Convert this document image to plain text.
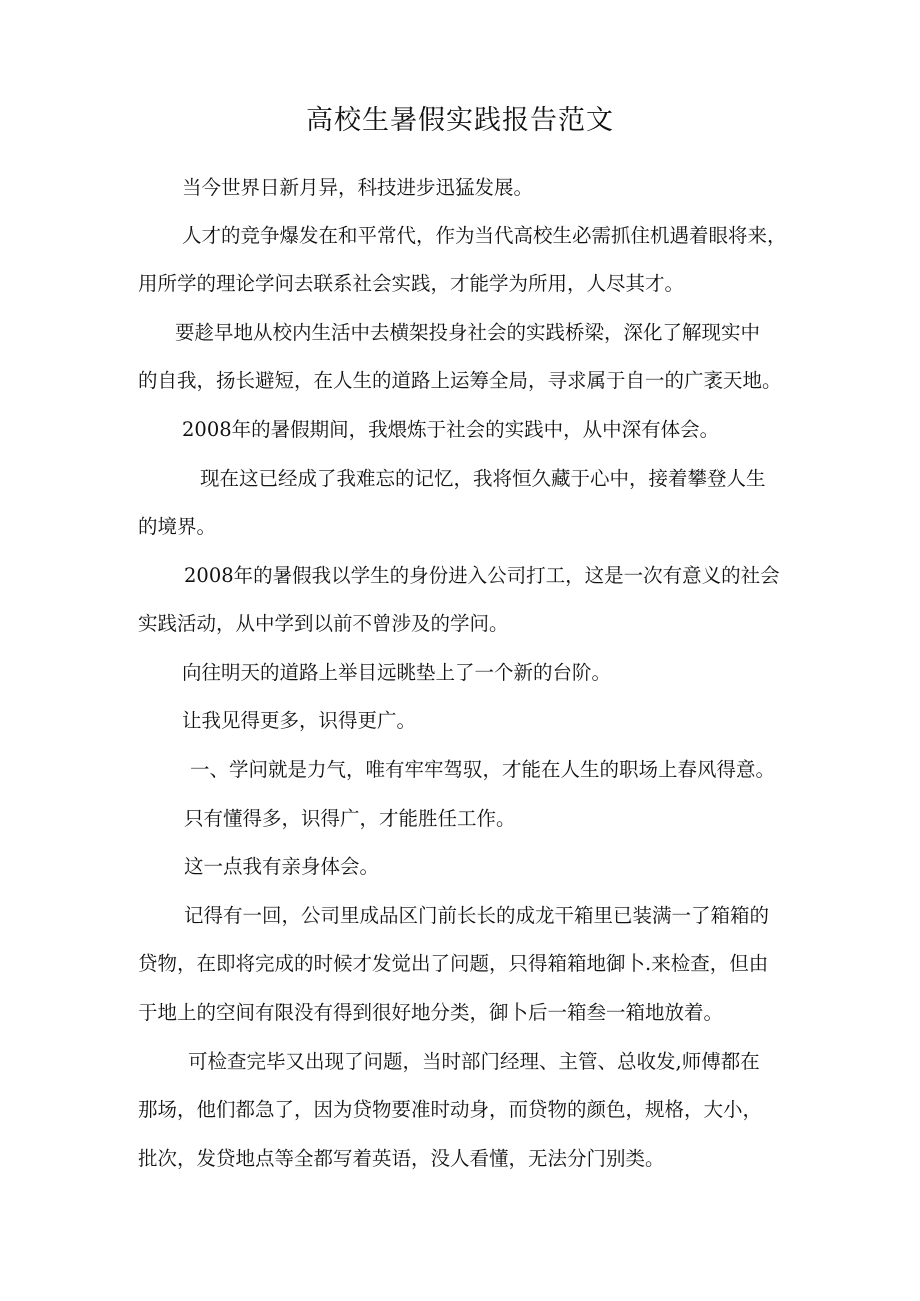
高校生暑假实践报告范文
当今世界日新月异，科技进步迅猛发展。
人才的竞争爆发在和平常代，作为当代高校生必需抓住机遇着眼将来，
用所学的理论学问去联系社会实践，才能学为所用，人尽其才。
要趁早地从校内生活中去横架投身社会的实践桥梁，深化了解现实中
的自我，扬长避短，在人生的道路上运筹全局，寻求属于自一的广袤天地。
2008年的暑假期间，我煨炼于社会的实践中，从中深有体会。
现在这已经成了我难忘的记忆，我将恒久藏于心中，接着攀登人生
的境界。
2008年的暑假我以学生的身份进入公司打工，这是一次有意义的社会
实践活动，从中学到以前不曾涉及的学问。
向往明天的道路上举目远眺垫上了一个新的台阶。
让我见得更多，识得更广。
一、学问就是力气，唯有牢牢驾驭，才能在人生的职场上春风得意。
只有懂得多，识得广，才能胜任工作。
这一点我有亲身体会。
记得有一回，公司里成品区门前长长的成龙干箱里已装满一了箱箱的
贷物，在即将完成的时候才发觉出了问题，只得箱箱地御卜.来检查，但由
于地上的空间有限没有得到很好地分类，御卜后一箱叁一箱地放着。
可检查完毕又出现了问题，当时部门经理、主管、总收发,师傅都在
那场，他们都急了，因为贷物要准时动身，而贷物的颜色，规格，大小，
批次，发贷地点等全都写着英语，没人看懂，无法分门别类。
